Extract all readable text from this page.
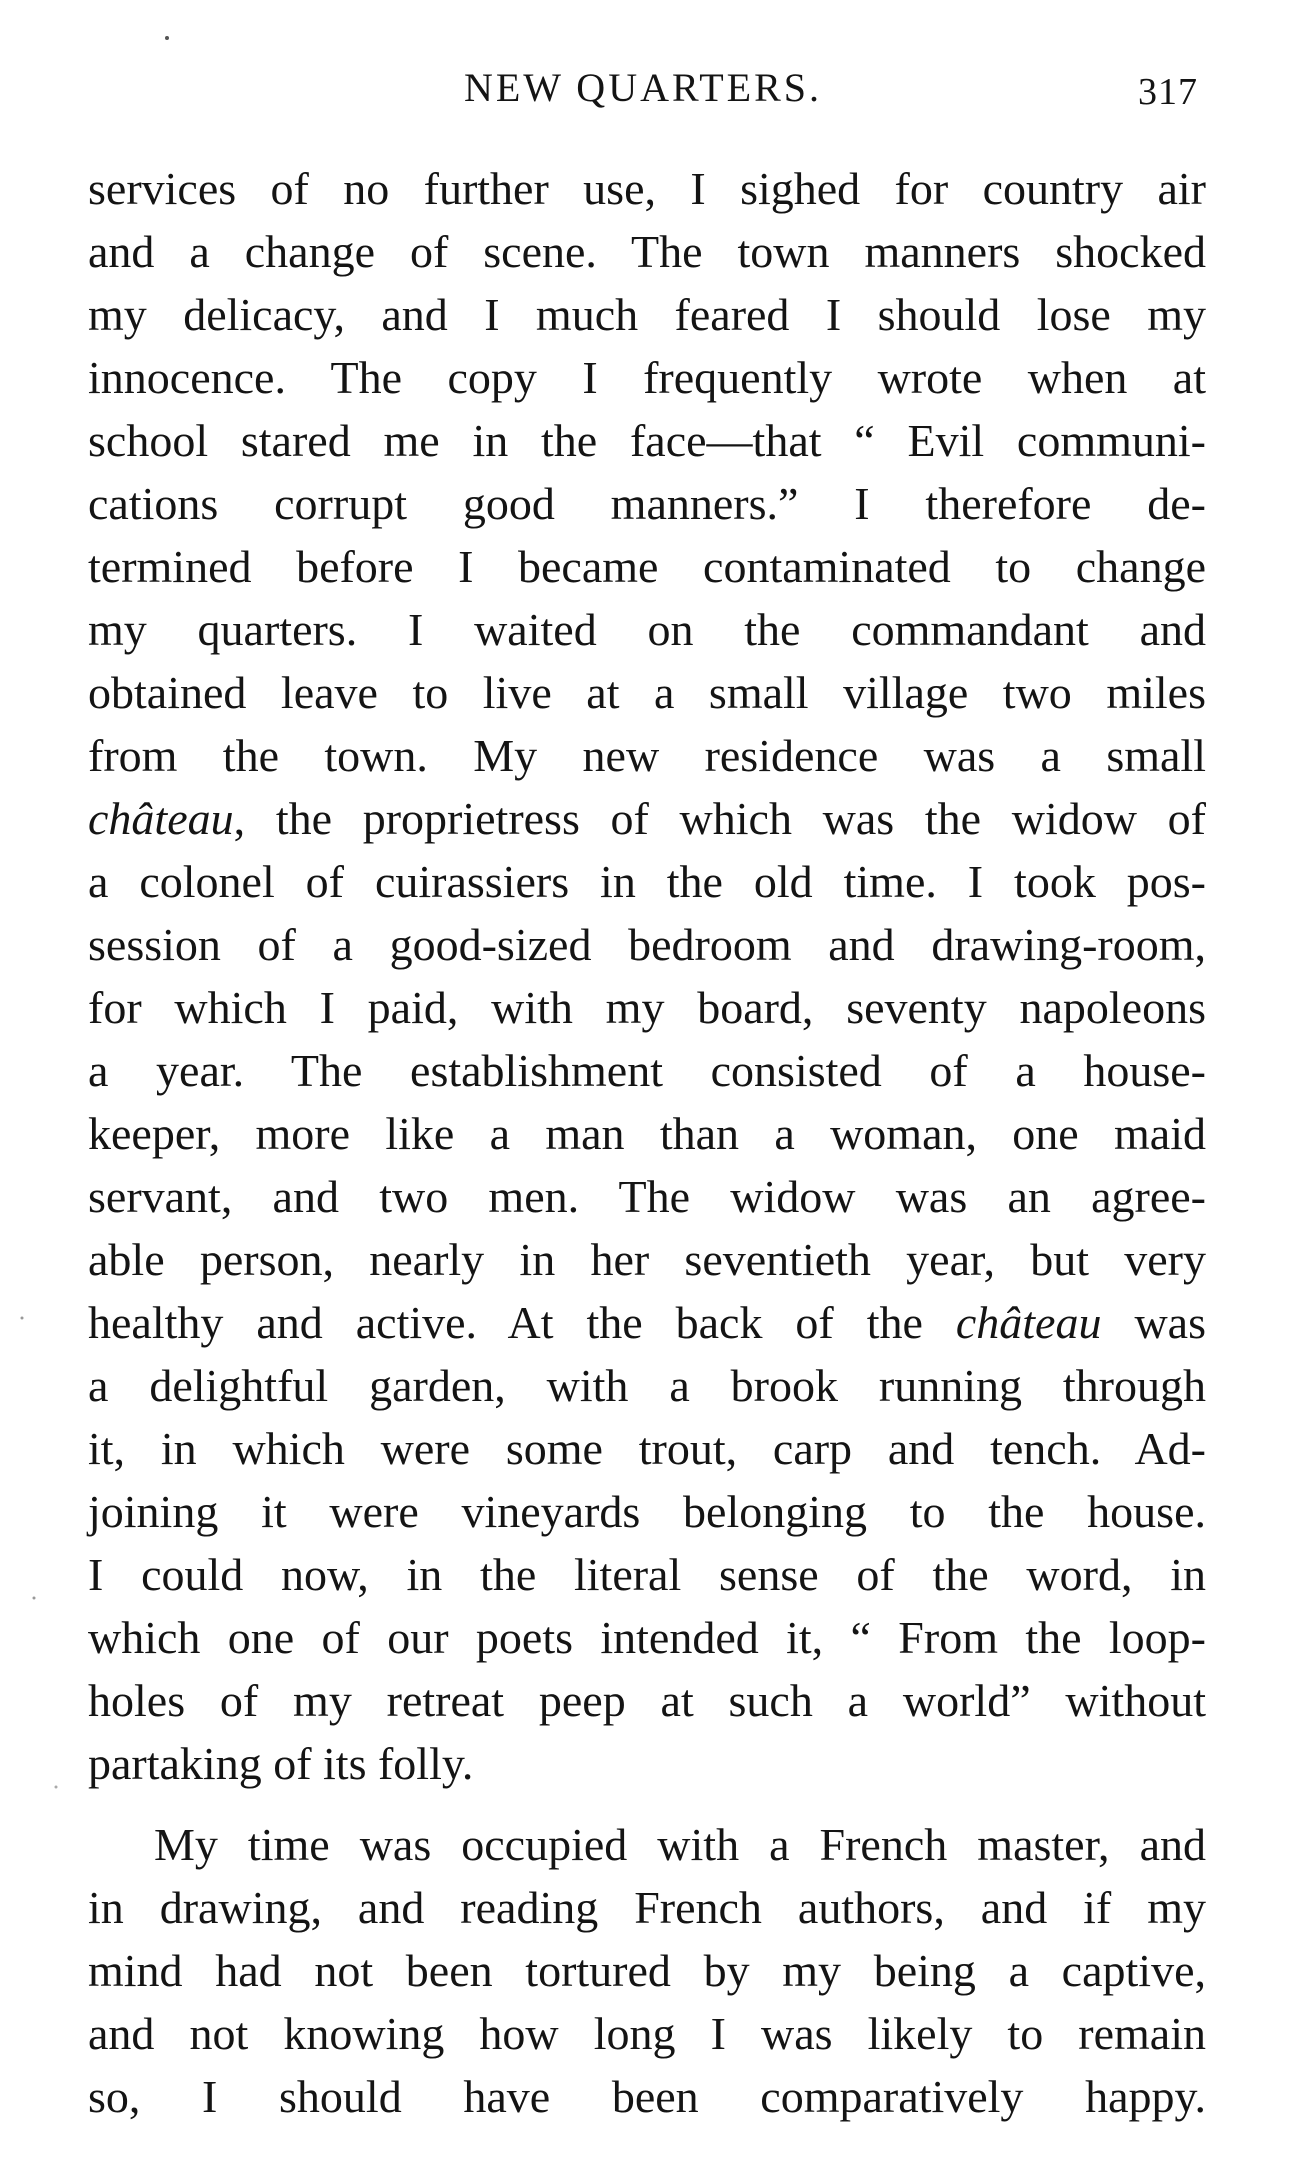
NEW QUARTERS.	317
services of no further use, I sighed for country air
and a change of scene. The town manners shocked
my delicacy, and I much feared I should lose my
innocence. The copy I frequently wrote when at
school stared me in the face—that “ Evil communi-
cations corrupt good manners.” I therefore de-
termined before I became contaminated to change
my quarters. I waited on the commandant and
obtained leave to live at a small village two miles
from the town. My new residence was a small
château, the proprietress of which was the widow of
a colonel of cuirassiers in the old time. I took pos-
session of a good-sized bedroom and drawing-room,
for which I paid, with my board, seventy napoleons
a year. The establishment consisted of a house-
keeper, more like a man than a woman, one maid
servant, and two men. The widow was an agree-
able person, nearly in her seventieth year, but very
healthy and active. At the back of the château was
a delightful garden, with a brook running through
it, in which were some trout, carp and tench. Ad-
joining it were vineyards belonging to the house.
I could now, in the literal sense of the word, in
which one of our poets intended it, “ From the loop-
holes of my retreat peep at such a world” without
partaking of its folly.
My time was occupied with a French master, and
in drawing, and reading French authors, and if my
mind had not been tortured by my being a captive,
and not knowing how long I was likely to remain
so, I should have been comparatively happy.
